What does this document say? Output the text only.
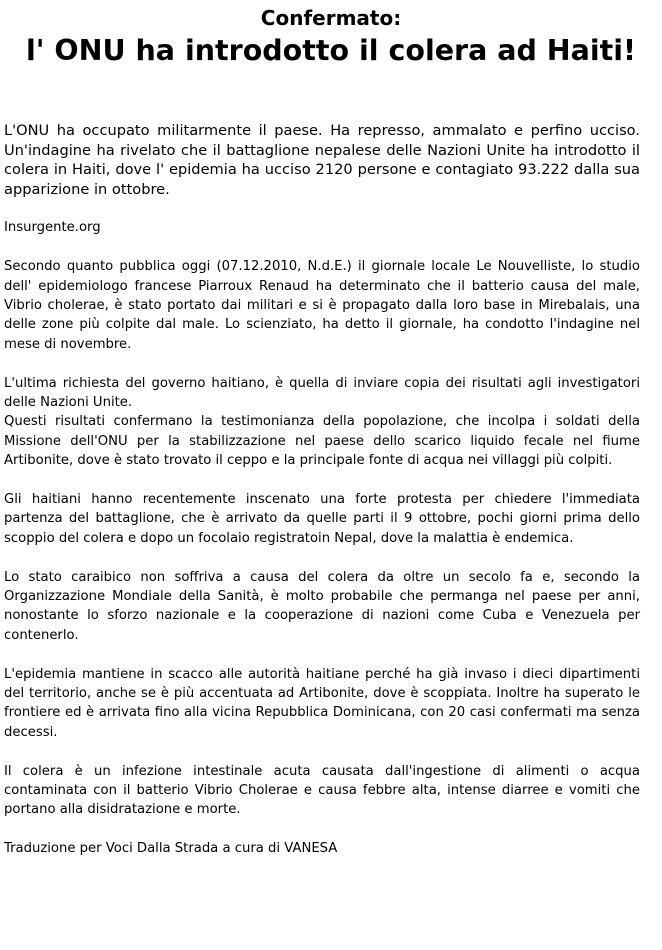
Confermato:
l' ONU ha introdotto il colera ad Haiti!

L'ONU ha occupato militarmente il paese. Ha represso, ammalato e perfino ucciso. Un'indagine ha rivelato che il battaglione nepalese delle Nazioni Unite ha introdotto il colera in Haiti, dove l' epidemia ha ucciso 2120 persone e contagiato 93.222 dalla sua apparizione in ottobre.

Insurgente.org

Secondo quanto pubblica oggi (07.12.2010, N.d.E.) il giornale locale Le Nouvelliste, lo studio dell' epidemiologo francese Piarroux Renaud ha determinato che il batterio causa del male, Vibrio cholerae, è stato portato dai militari e si è propagato dalla loro base in Mirebalais, una delle zone più colpite dal male. Lo scienziato, ha detto il giornale, ha condotto l'indagine nel mese di novembre.

L'ultima richiesta del governo haitiano, è quella di inviare copia dei risultati agli investigatori delle Nazioni Unite.

Questi risultati confermano la testimonianza della popolazione, che incolpa i soldati della Missione dell'ONU per la stabilizzazione nel paese dello scarico liquido fecale nel fiume Artibonite, dove è stato trovato il ceppo e la principale fonte di acqua nei villaggi più colpiti.

Gli haitiani hanno recentemente inscenato una forte protesta per chiedere l'immediata partenza del battaglione, che è arrivato da quelle parti il 9 ottobre, pochi giorni prima dello scoppio del colera e dopo un focolaio registratoin Nepal, dove la malattia è endemica.

Lo stato caraibico non soffriva a causa del colera da oltre un secolo fa e, secondo la Organizzazione Mondiale della Sanità, è molto probabile che permanga nel paese per anni, nonostante lo sforzo nazionale e la cooperazione di nazioni come Cuba e Venezuela per contenerlo.

L'epidemia mantiene in scacco alle autorità haitiane perché ha già invaso i dieci dipartimenti del territorio, anche se è più accentuata ad Artibonite, dove è scoppiata. Inoltre ha superato le frontiere ed è arrivata fino alla vicina Repubblica Dominicana, con 20 casi confermati ma senza decessi.

Il colera è un infezione intestinale acuta causata dall'ingestione di alimenti o acqua contaminata con il batterio Vibrio Cholerae e causa febbre alta, intense diarree e vomiti che portano alla disidratazione e morte.

Traduzione per Voci Dalla Strada a cura di VANESA
